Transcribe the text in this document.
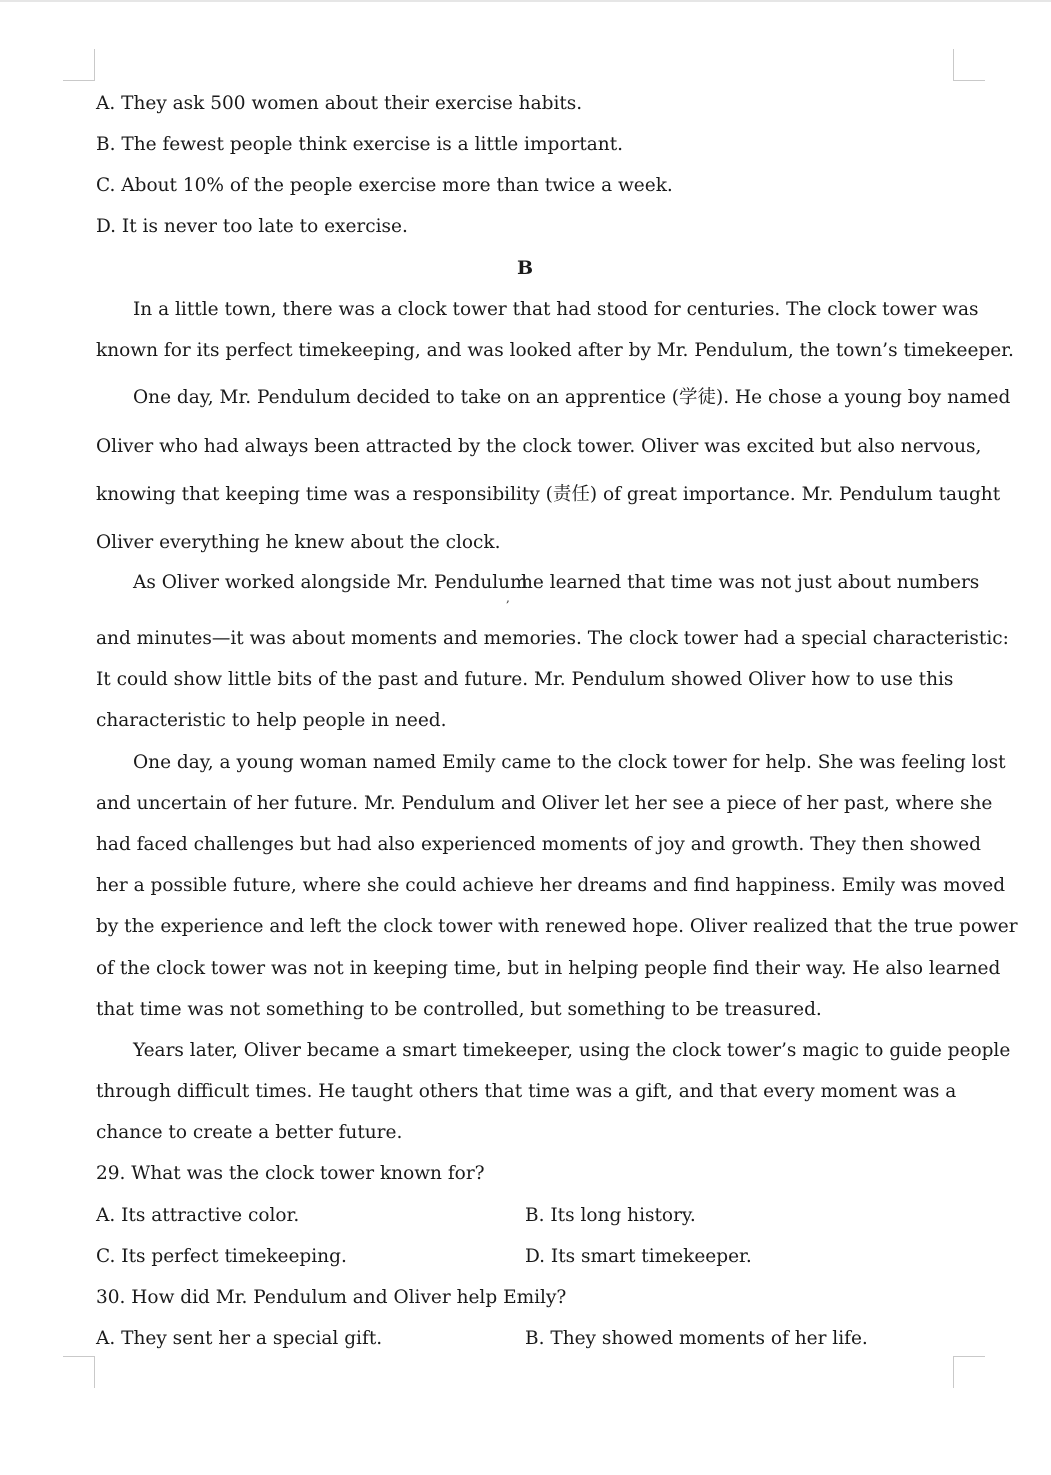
A. They ask 500 women about their exercise habits.
B. The fewest people think exercise is a little important.
C. About 10% of the people exercise more than twice a week.
D. It is never too late to exercise.
B
In a little town, there was a clock tower that had stood for centuries. The clock tower was
known for its perfect timekeeping, and was looked after by Mr. Pendulum, the town’s timekeeper.
One day, Mr. Pendulum decided to take on an apprentice (学徒). He chose a young boy named
Oliver who had always been attracted by the clock tower. Oliver was excited but also nervous,
knowing that keeping time was a responsibility (责任) of great importance. Mr. Pendulum taught
Oliver everything he knew about the clock.
As Oliver worked alongside Mr. Pendulum
,
he learned that time was not just about numbers
and minutes—it was about moments and memories. The clock tower had a special characteristic:
It could show little bits of the past and future. Mr. Pendulum showed Oliver how to use this
characteristic to help people in need.
One day, a young woman named Emily came to the clock tower for help. She was feeling lost
and uncertain of her future. Mr. Pendulum and Oliver let her see a piece of her past, where she
had faced challenges but had also experienced moments of joy and growth. They then showed
her a possible future, where she could achieve her dreams and find happiness. Emily was moved
by the experience and left the clock tower with renewed hope. Oliver realized that the true power
of the clock tower was not in keeping time, but in helping people find their way. He also learned
that time was not something to be controlled, but something to be treasured.
Years later, Oliver became a smart timekeeper, using the clock tower’s magic to guide people
through difficult times. He taught others that time was a gift, and that every moment was a
chance to create a better future.
29. What was the clock tower known for?
A. Its attractive color.	B. Its long history.
C. Its perfect timekeeping.	D. Its smart timekeeper.
30. How did Mr. Pendulum and Oliver help Emily?
A. They sent her a special gift.	B. They showed moments of her life.
